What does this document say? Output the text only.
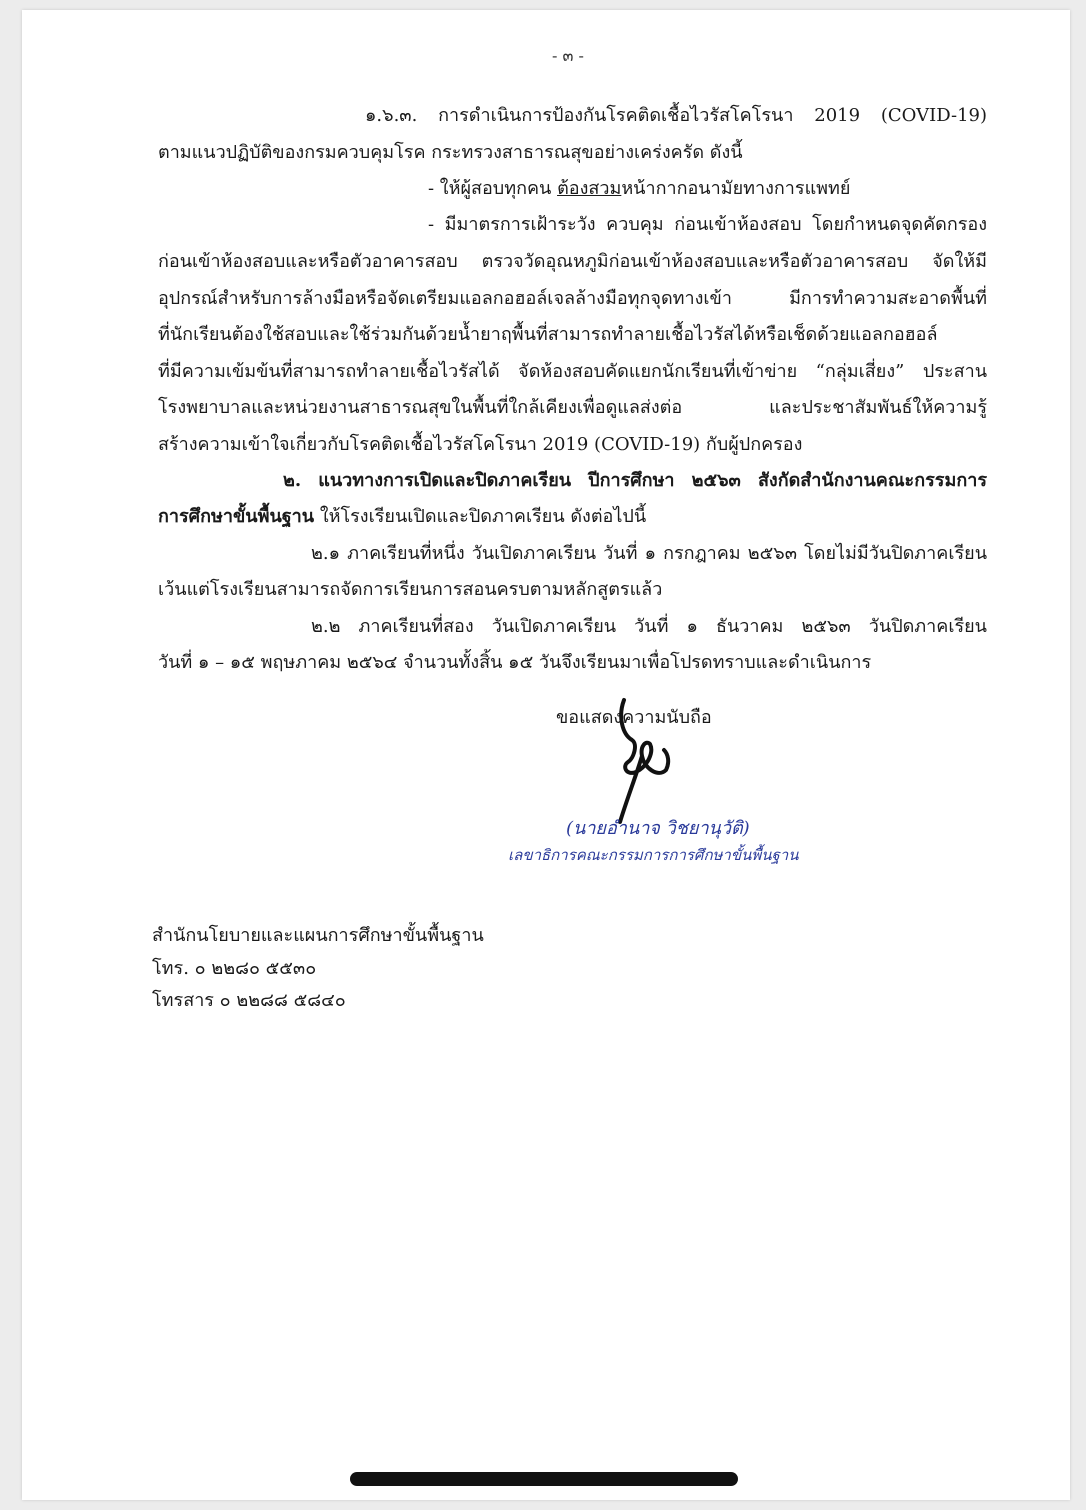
- ๓ -
๑.๖.๓. การดำเนินการป้องกันโรคติดเชื้อไวรัสโคโรนา 2019 (COVID-19)
ตามแนวปฏิบัติของกรมควบคุมโรค กระทรวงสาธารณสุขอย่างเคร่งครัด ดังนี้
- ให้ผู้สอบทุกคน ต้องสวมหน้ากากอนามัยทางการแพทย์
- มีมาตรการเฝ้าระวัง ควบคุม ก่อนเข้าห้องสอบ โดยกำหนดจุดคัดกรอง
ก่อนเข้าห้องสอบและหรือตัวอาคารสอบ ตรวจวัดอุณหภูมิก่อนเข้าห้องสอบและหรือตัวอาคารสอบ จัดให้มี
อุปกรณ์สำหรับการล้างมือหรือจัดเตรียมแอลกอฮอล์เจลล้างมือทุกจุดทางเข้า มีการทำความสะอาดพื้นที่
ที่นักเรียนต้องใช้สอบและใช้ร่วมกันด้วยน้ำยาฤพื้นที่สามารถทำลายเชื้อไวรัสได้หรือเช็ดด้วยแอลกอฮอล์
ที่มีความเข้มข้นที่สามารถทำลายเชื้อไวรัสได้ จัดห้องสอบคัดแยกนักเรียนที่เข้าข่าย “กลุ่มเสี่ยง” ประสาน
โรงพยาบาลและหน่วยงานสาธารณสุขในพื้นที่ใกล้เคียงเพื่อดูแลส่งต่อ และประชาสัมพันธ์ให้ความรู้
สร้างความเข้าใจเกี่ยวกับโรคติดเชื้อไวรัสโคโรนา 2019 (COVID-19) กับผู้ปกครอง
๒. แนวทางการเปิดและปิดภาคเรียน ปีการศึกษา ๒๕๖๓ สังกัดสำนักงานคณะกรรมการ
การศึกษาขั้นพื้นฐาน ให้โรงเรียนเปิดและปิดภาคเรียน ดังต่อไปนี้
๒.๑ ภาคเรียนที่หนึ่ง วันเปิดภาคเรียน วันที่ ๑ กรกฎาคม ๒๕๖๓ โดยไม่มีวันปิดภาคเรียน
เว้นแต่โรงเรียนสามารถจัดการเรียนการสอนครบตามหลักสูตรแล้ว
๒.๒ ภาคเรียนที่สอง วันเปิดภาคเรียน วันที่ ๑ ธันวาคม ๒๕๖๓ วันปิดภาคเรียน
วันที่ ๑ – ๑๕ พฤษภาคม ๒๕๖๔ จำนวนทั้งสิ้น ๑๕ วันจึงเรียนมาเพื่อโปรดทราบและดำเนินการ
ขอแสดงความนับถือ
(นายอำนาจ วิชยานุวัติ)
เลขาธิการคณะกรรมการการศึกษาขั้นพื้นฐาน
สำนักนโยบายและแผนการศึกษาขั้นพื้นฐาน
โทร. ๐ ๒๒๘๐ ๕๕๓๐
โทรสาร ๐ ๒๒๘๘ ๕๘๔๐
